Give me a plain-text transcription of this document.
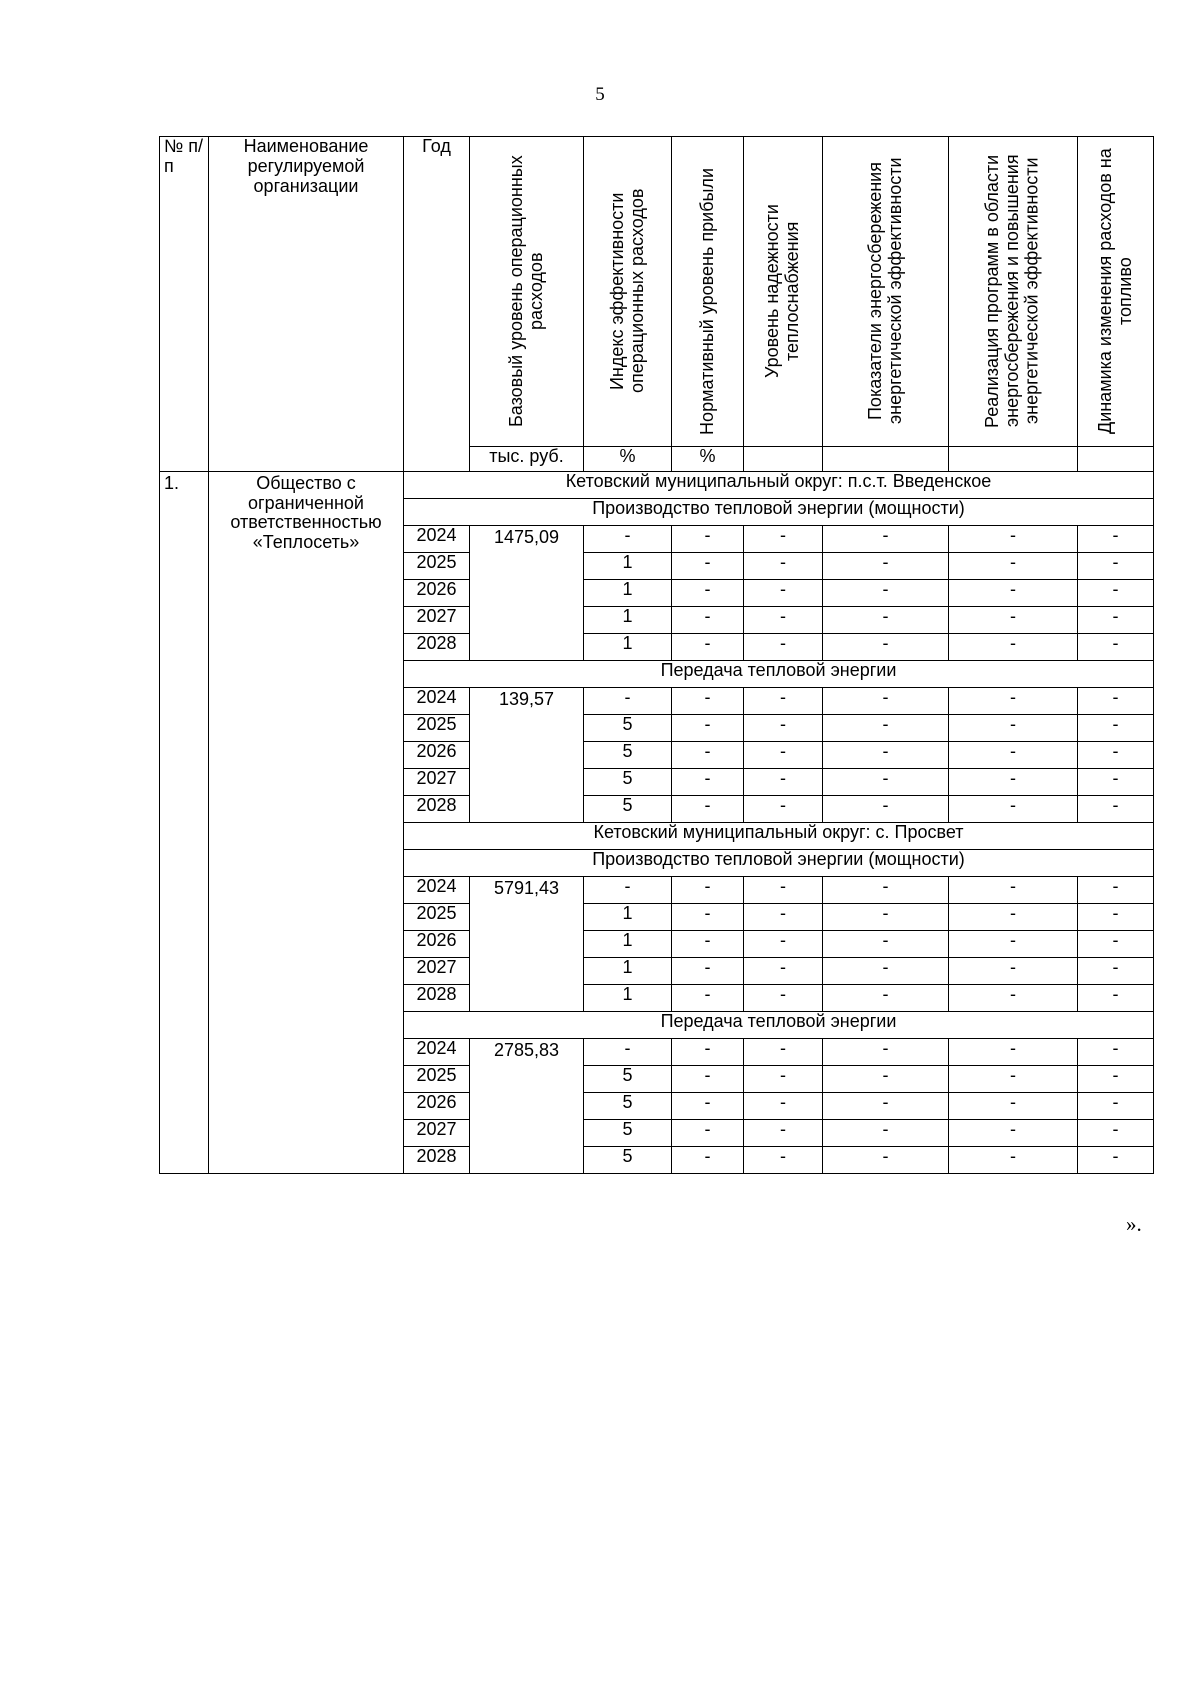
5
№ п/п	Наименование регулируемой организации	Год	Базовый уровень операционных расходов	Индекс эффективности операционных расходов	Нормативный уровень прибыли	Уровень надежности теплоснабжения	Показатели энергосбережения энергетической эффективности	Реализация программ в области энергосбережения и повышения энергетической эффективности	Динамика изменения расходов на топливо
			тыс. руб.	%	%				
1.	Общество с ограниченной ответственностью «Теплосеть»	Кетовский муниципальный округ: п.с.т. Введенское							
		Производство тепловой энергии (мощности)							
		2024	1475,09	-	-	-	-	-	-
		2025		1	-	-	-	-	-
		2026		1	-	-	-	-	-
		2027		1	-	-	-	-	-
		2028		1	-	-	-	-	-
		Передача тепловой энергии							
		2024	139,57	-	-	-	-	-	-
		2025		5	-	-	-	-	-
		2026		5	-	-	-	-	-
		2027		5	-	-	-	-	-
		2028		5	-	-	-	-	-
		Кетовский муниципальный округ: с. Просвет							
		Производство тепловой энергии (мощности)							
		2024	5791,43	-	-	-	-	-	-
		2025		1	-	-	-	-	-
		2026		1	-	-	-	-	-
		2027		1	-	-	-	-	-
		2028		1	-	-	-	-	-
		Передача тепловой энергии							
		2024	2785,83	-	-	-	-	-	-
		2025		5	-	-	-	-	-
		2026		5	-	-	-	-	-
		2027		5	-	-	-	-	-
		2028		5	-	-	-	-	-
».
